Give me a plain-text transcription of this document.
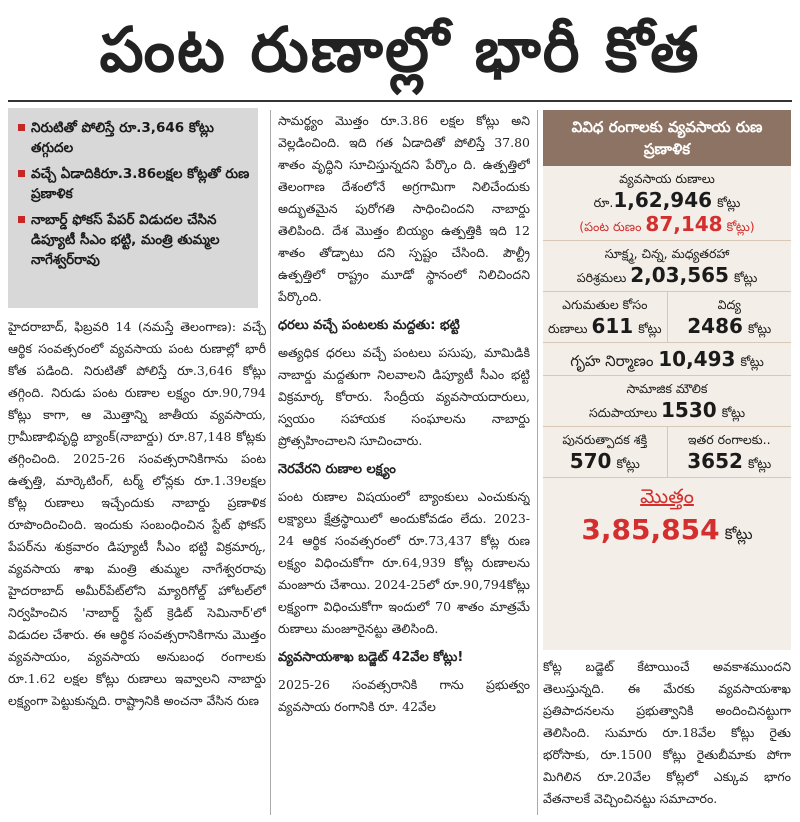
పంట రుణాల్లో భారీ కోత
నిరుటితో పోలిస్తే రూ.3,646 కోట్లు తగ్గుదల
వచ్చే ఏడాదికిరూ.3.86లక్షల కోట్లతో రుణ ప్రణాళిక
నాబార్డ్ ఫోకస్ పేపర్ విడుదల చేసిన డిప్యూటీ సీఎం భట్టి, మంత్రి తుమ్మల నాగేశ్వర్‌రావు

హైదరాబాద్, ఫిబ్రవరి 14 (నమస్తే తెలంగాణ): వచ్చే ఆర్థిక సంవత్సరంలో వ్యవసాయ పంట రుణాల్లో భారీ కోత పడింది. నిరుటితో పోలిస్తే రూ.3,646 కోట్లు తగ్గింది. నిరుడు పంట రుణాల లక్ష్యం రూ.90,794 కోట్లు కాగా, ఆ మొత్తాన్ని జాతీయ వ్యవసాయ, గ్రామీణాభివృద్ధి బ్యాంక్(నాబార్డు) రూ.87,148 కోట్లకు తగ్గించింది. 2025-26 సంవత్సరానికిగాను పంట ఉత్పత్తి, మార్కెటింగ్, టర్మ్ లోన్లకు రూ.1.39లక్షల కోట్ల రుణాలు ఇచ్చేందుకు నాబార్డు ప్రణాళిక రూపొందించింది. ఇందుకు సంబంధించిన స్టేట్ ఫోకస్ పేపర్‌ను శుక్రవారం డిప్యూటీ సీఎం భట్టి విక్రమార్క, వ్యవసాయ శాఖ మంత్రి తుమ్మల నాగేశ్వరరావు హైదరాబాద్ అమీర్‌పేట్‌లోని మ్యారిగోల్డ్ హోటల్‌లో నిర్వహించిన 'నాబార్డ్ స్టేట్ క్రెడిట్ సెమినార్'లో విడుదల చేశారు. ఈ ఆర్థిక సంవత్సరానికిగాను మొత్తం వ్యవసాయం, వ్యవసాయ అనుబంధ రంగాలకు రూ.1.62 లక్షల కోట్లు రుణాలు ఇవ్వాలని నాబార్డు లక్ష్యంగా పెట్టుకున్నది. రాష్ట్రానికి అంచనా వేసిన రుణ

సామర్థ్యం మొత్తం రూ.3.86 లక్షల కోట్లు అని వెల్లడించింది. ఇది గత ఏడాదితో పోలిస్తే 37.80 శాతం వృద్ధిని సూచిస్తున్నదని పేర్కొం ది. ఉత్పత్తిలో తెలంగాణ దేశంలోనే అగ్రగామిగా నిలిచేందుకు అద్భుతమైన పురోగతి సాధించిందని నాబార్డు తెలిపింది. దేశ మొత్తం బియ్యం ఉత్పత్తికి ఇది 12 శాతం తోడ్పాటు దని స్పష్టం చేసింది. పౌల్ట్రీ ఉత్పత్తిలో రాష్ట్రం మూడో స్థానంలో నిలిచిందని పేర్కొంది.

ధరలు వచ్చే పంటలకు మద్దతు: భట్టి

అత్యధిక ధరలు వచ్చే పంటలు పసుపు, మామిడికి నాబార్డు మద్దతుగా నిలవాలని డిప్యూటీ సీఎం భట్టి విక్రమార్క కోరారు. సేంద్రీయ వ్యవసాయదారులు, స్వయం సహాయక సంఘాలను నాబార్డు ప్రోత్సహించాలని సూచించారు.

నెరవేరని రుణాల లక్ష్యం

పంట రుణాల విషయంలో బ్యాంకులు ఎంచుకున్న లక్ష్యాలు క్షేత్రస్థాయిలో అందుకోవడం లేదు. 2023-24 ఆర్థిక సంవత్సరంలో రూ.73,437 కోట్ల రుణ లక్ష్యం విధించుకోగా రూ.64,939 కోట్ల రుణాలను మంజూరు చేశాయి. 2024-25లో రూ.90,794కోట్లు లక్ష్యంగా విధించుకోగా ఇందులో 70 శాతం మాత్రమే రుణాలు మంజూరైనట్టు తెలిసింది.

వ్యవసాయశాఖ బడ్జెట్ 42వేల కోట్లు!

2025-26 సంవత్సరానికి గాను ప్రభుత్వం వ్యవసాయ రంగానికి రూ. 42వేల

వివిధ రంగాలకు వ్యవసాయ రుణ ప్రణాళిక
వ్యవసాయ రుణాలు
రూ.1,62,946 కోట్లు
(పంట రుణం 87,148 కోట్లు)
సూక్ష్మ, చిన్న, మధ్యతరహా
పరిశ్రమలు 2,03,565 కోట్లు
ఎగుమతుల కోసం
రుణాలు 611 కోట్లు
విద్య
2486 కోట్లు
గృహ నిర్మాణం 10,493 కోట్లు
సామాజిక మౌలిక
సదుపాయాలు 1530 కోట్లు
పునరుత్పాదక శక్తి
570 కోట్లు
ఇతర రంగాలకు..
3652 కోట్లు
మొత్తం
3,85,854 కోట్లు

కోట్ల బడ్జెట్ కేటాయించే అవకాశముందని తెలుస్తున్నది. ఈ మేరకు వ్యవసాయశాఖ ప్రతిపాదనలను ప్రభుత్వానికి అందించినట్టుగా తెలిసింది. సుమారు రూ.18వేల కోట్లు రైతు భరోసాకు, రూ.1500 కోట్లు రైతుబీమాకు పోగా మిగిలిన రూ.20వేల కోట్లలో ఎక్కువ భాగం వేతనాలకే వెచ్చించినట్టు సమాచారం.
